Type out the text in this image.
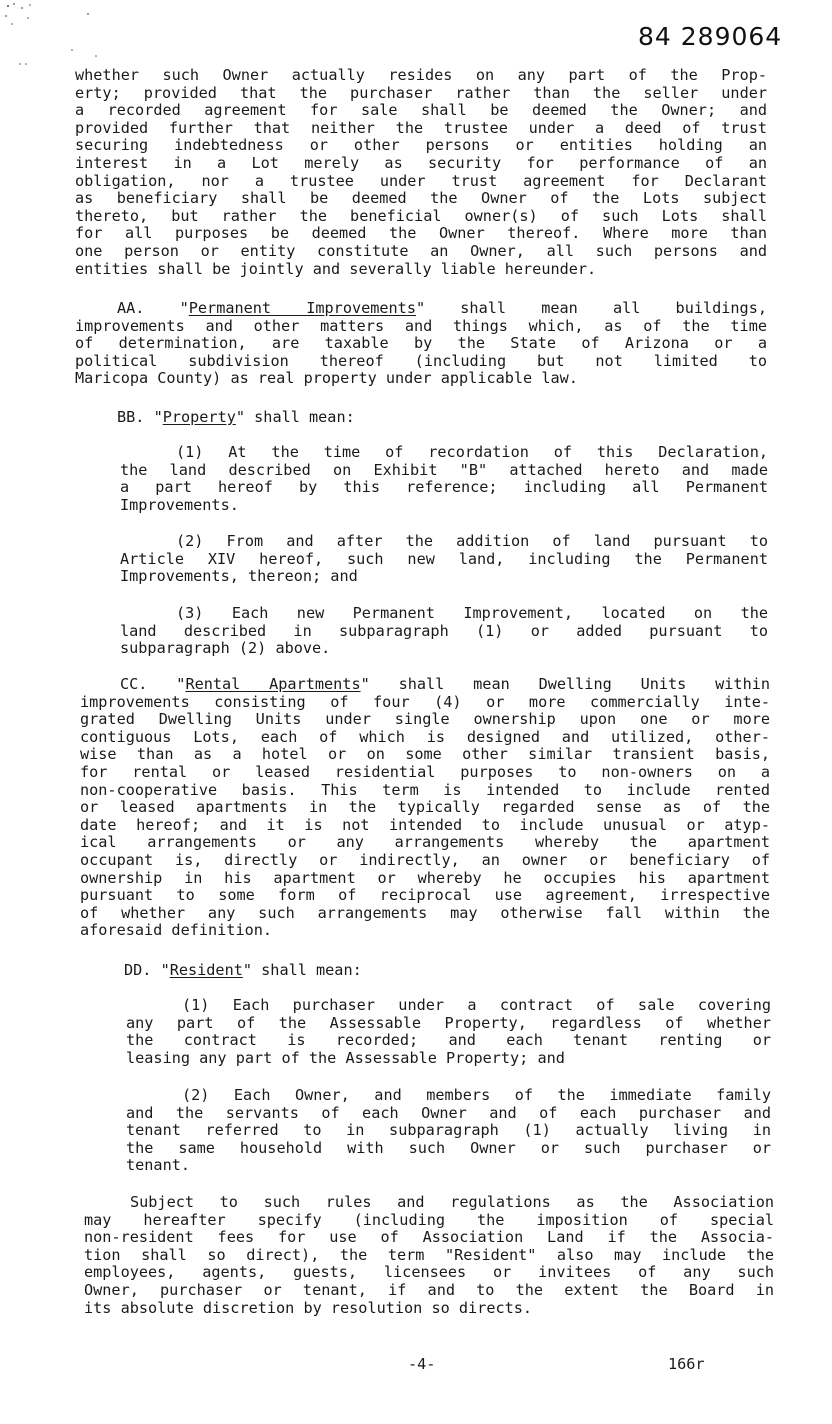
84 289064
whether such Owner actually resides on any part of the Prop-
erty; provided that the purchaser rather than the seller under
a recorded agreement for sale shall be deemed the Owner; and
provided further that neither the trustee under a deed of trust
securing indebtedness or other persons or entities holding an
interest in a Lot merely as security for performance of an
obligation, nor a trustee under trust agreement for Declarant
as beneficiary shall be deemed the Owner of the Lots subject
thereto, but rather the beneficial owner(s) of such Lots shall
for all purposes be deemed the Owner thereof. Where more than
one person or entity constitute an Owner, all such persons and
entities shall be jointly and severally liable hereunder.
AA. "Permanent Improvements" shall mean all buildings,
improvements and other matters and things which, as of the time
of determination, are taxable by the State of Arizona or a
political subdivision thereof (including but not limited to
Maricopa County) as real property under applicable law.
BB. "Property" shall mean:
(1) At the time of recordation of this Declaration,
the land described on Exhibit "B" attached hereto and made
a part hereof by this reference; including all Permanent
Improvements.
(2) From and after the addition of land pursuant to
Article XIV hereof, such new land, including the Permanent
Improvements, thereon; and
(3) Each new Permanent Improvement, located on the
land described in subparagraph (1) or added pursuant to
subparagraph (2) above.
CC. "Rental Apartments" shall mean Dwelling Units within
improvements consisting of four (4) or more commercially inte-
grated Dwelling Units under single ownership upon one or more
contiguous Lots, each of which is designed and utilized, other-
wise than as a hotel or on some other similar transient basis,
for rental or leased residential purposes to non-owners on a
non-cooperative basis. This term is intended to include rented
or leased apartments in the typically regarded sense as of the
date hereof; and it is not intended to include unusual or atyp-
ical arrangements or any arrangements whereby the apartment
occupant is, directly or indirectly, an owner or beneficiary of
ownership in his apartment or whereby he occupies his apartment
pursuant to some form of reciprocal use agreement, irrespective
of whether any such arrangements may otherwise fall within the
aforesaid definition.
DD. "Resident" shall mean:
(1) Each purchaser under a contract of sale covering
any part of the Assessable Property, regardless of whether
the contract is recorded; and each tenant renting or
leasing any part of the Assessable Property; and
(2) Each Owner, and members of the immediate family
and the servants of each Owner and of each purchaser and
tenant referred to in subparagraph (1) actually living in
the same household with such Owner or such purchaser or
tenant.
Subject to such rules and regulations as the Association
may hereafter specify (including the imposition of special
non-resident fees for use of Association Land if the Associa-
tion shall so direct), the term "Resident" also may include the
employees, agents, guests, licensees or invitees of any such
Owner, purchaser or tenant, if and to the extent the Board in
its absolute discretion by resolution so directs.
-4-	166r
